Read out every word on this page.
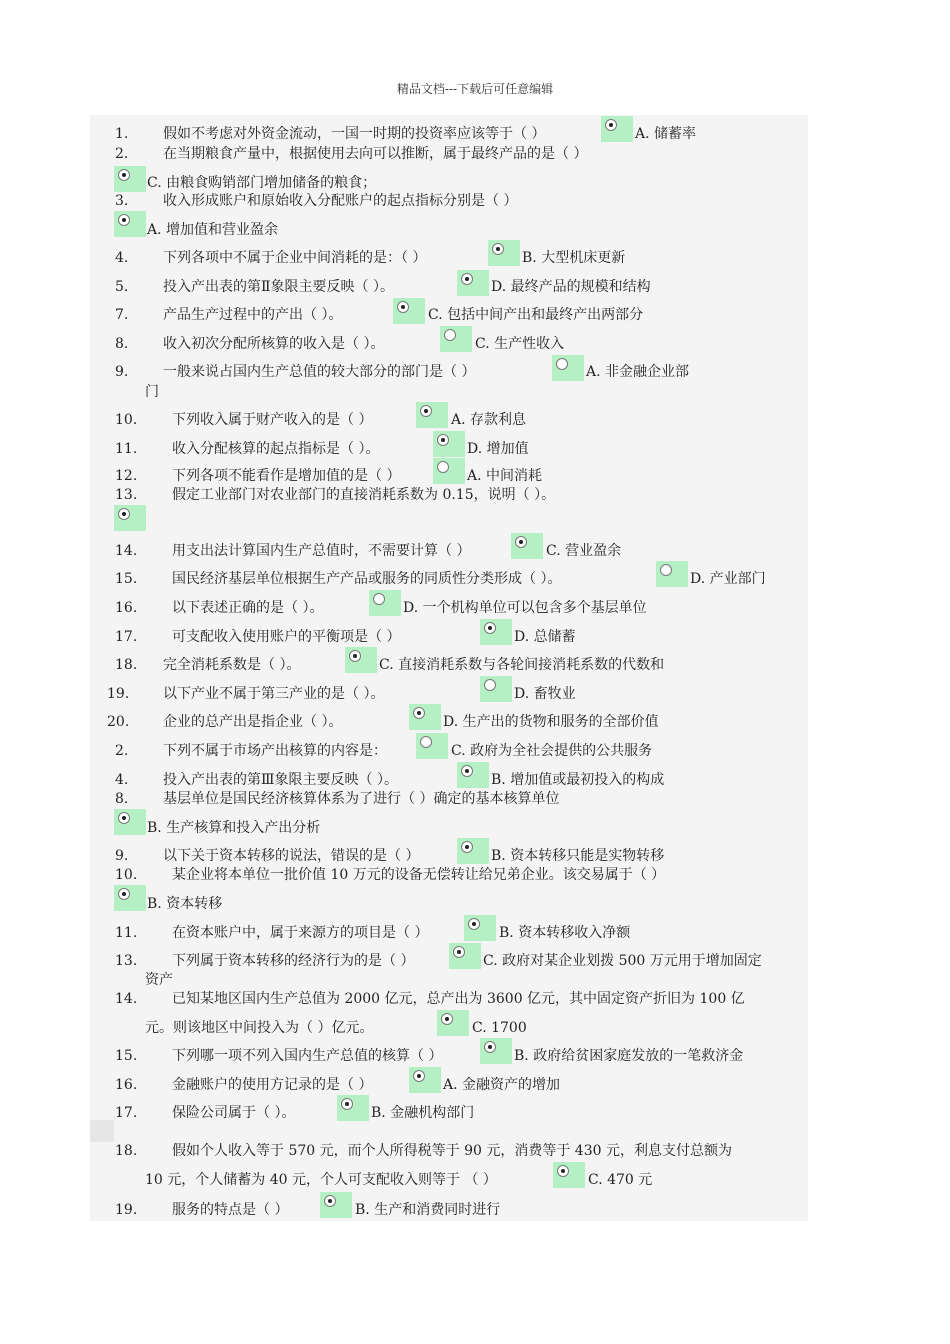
精品文档---下载后可任意编辑
1. 假如不考虑对外资金流动，一国一时期的投资率应该等于（ ）	A. 储蓄率
2. 在当期粮食产量中，根据使用去向可以推断，属于最终产品的是（ ）
C. 由粮食购销部门增加储备的粮食；
3. 收入形成账户和原始收入分配账户的起点指标分别是（ ）
A. 增加值和营业盈余
4. 下列各项中不属于企业中间消耗的是：（ ）	B. 大型机床更新
5. 投入产出表的第Ⅱ象限主要反映（ ）。	D. 最终产品的规模和结构
7. 产品生产过程中的产出（ ）。	C. 包括中间产出和最终产出两部分
8. 收入初次分配所核算的收入是（ ）。	C. 生产性收入
9. 一般来说占国内生产总值的较大部分的部门是（ ）	A. 非金融企业部
门
10. 下列收入属于财产收入的是（ ）	A. 存款利息
11. 收入分配核算的起点指标是（ ）。	D. 增加值
12. 下列各项不能看作是增加值的是（ ）	A. 中间消耗
13. 假定工业部门对农业部门的直接消耗系数为 0.15，说明（ ）。
14. 用支出法计算国内生产总值时，不需要计算（ ）	C. 营业盈余
15. 国民经济基层单位根据生产产品或服务的同质性分类形成（ ）。	D. 产业部门
16. 以下表述正确的是（ ）。	D. 一个机构单位可以包含多个基层单位
17. 可支配收入使用账户的平衡项是（ ）	D. 总储蓄
18. 完全消耗系数是（ ）。	C. 直接消耗系数与各轮间接消耗系数的代数和
19. 以下产业不属于第三产业的是（ ）。	D. 畜牧业
20. 企业的总产出是指企业（ ）。	D. 生产出的货物和服务的全部价值
2. 下列不属于市场产出核算的内容是：	C. 政府为全社会提供的公共服务
4. 投入产出表的第Ⅲ象限主要反映（ ）。	B. 增加值或最初投入的构成
8. 基层单位是国民经济核算体系为了进行（ ）确定的基本核算单位
B. 生产核算和投入产出分析
9. 以下关于资本转移的说法，错误的是（ ）	B. 资本转移只能是实物转移
10. 某企业将本单位一批价值 10 万元的设备无偿转让给兄弟企业。该交易属于（ ）
B. 资本转移
11. 在资本账户中，属于来源方的项目是（ ）	B. 资本转移收入净额
13. 下列属于资本转移的经济行为的是（ ）	C. 政府对某企业划拨 500 万元用于增加固定
资产
14. 已知某地区国内生产总值为 2000 亿元，总产出为 3600 亿元，其中固定资产折旧为 100 亿
元。则该地区中间投入为（ ）亿元。	C. 1700
15. 下列哪一项不列入国内生产总值的核算（ ）	B. 政府给贫困家庭发放的一笔救济金
16. 金融账户的使用方记录的是（ ）	A. 金融资产的增加
17. 保险公司属于（ ）。	B. 金融机构部门
18. 假如个人收入等于 570 元，而个人所得税等于 90 元，消费等于 430 元，利息支付总额为
10 元，个人储蓄为 40 元，个人可支配收入则等于 （ ）	C. 470 元
19. 服务的特点是（ ）	B. 生产和消费同时进行
